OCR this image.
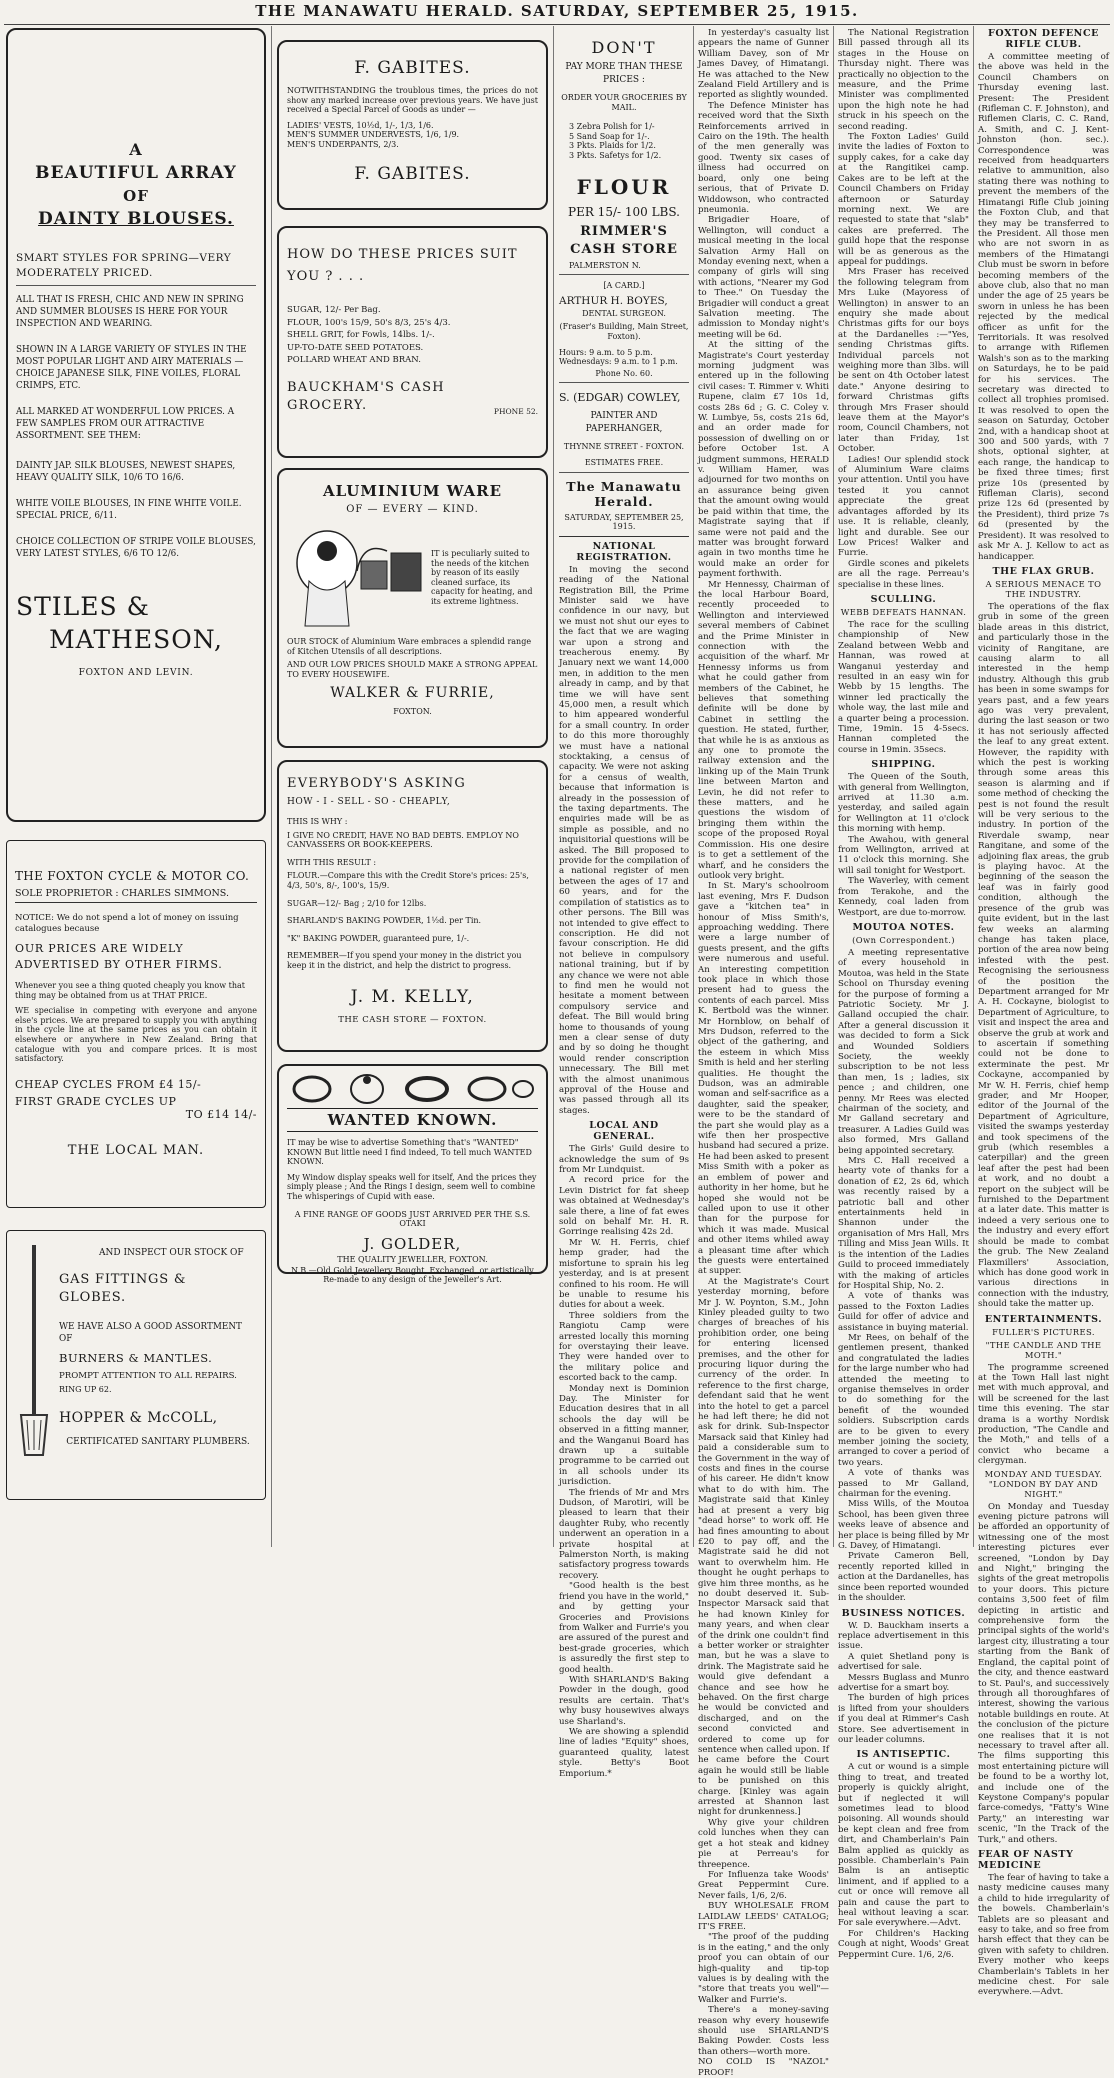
THE MANAWATU HERALD. SATURDAY, SEPTEMBER 25, 1915.
A
BEAUTIFUL ARRAY
OF
DAINTY BLOUSES.
SMART STYLES FOR SPRING—VERY MODERATELY PRICED.
ALL THAT IS FRESH, CHIC AND NEW IN SPRING AND SUMMER BLOUSES IS HERE FOR YOUR INSPECTION AND WEARING.
SHOWN IN A LARGE VARIETY OF STYLES IN THE MOST POPULAR LIGHT AND AIRY MATERIALS — CHOICE JAPANESE SILK, FINE VOILES, FLORAL CRIMPS, ETC.
ALL MARKED AT WONDERFUL LOW PRICES. A FEW SAMPLES FROM OUR ATTRACTIVE ASSORTMENT. SEE THEM:
DAINTY JAP. SILK BLOUSES, NEWEST SHAPES, HEAVY QUALITY SILK, 10/6 TO 16/6.
WHITE VOILE BLOUSES, IN FINE WHITE VOILE. SPECIAL PRICE, 6/11.
CHOICE COLLECTION OF STRIPE VOILE BLOUSES, VERY LATEST STYLES, 6/6 TO 12/6.
STILES &
MATHESON,
FOXTON AND LEVIN.
THE FOXTON CYCLE & MOTOR CO.
SOLE PROPRIETOR : CHARLES SIMMONS.
NOTICE: We do not spend a lot of money on issuing catalogues because
OUR PRICES ARE WIDELY ADVERTISED BY OTHER FIRMS.
Whenever you see a thing quoted cheaply you know that thing may be obtained from us at THAT PRICE.
WE specialise in competing with everyone and anyone else's prices. We are prepared to supply you with anything in the cycle line at the same prices as you can obtain it elsewhere or anywhere in New Zealand. Bring that catalogue with you and compare prices. It is most satisfactory.
CHEAP CYCLES FROM £4 15/-
FIRST GRADE CYCLES UP
TO £14 14/-
THE LOCAL MAN.
AND INSPECT OUR STOCK OF
GAS FITTINGS & GLOBES.
WE HAVE ALSO A GOOD ASSORTMENT OF
BURNERS & MANTLES.
PROMPT ATTENTION TO ALL REPAIRS.
RING UP 62.
HOPPER & McCOLL,
CERTIFICATED SANITARY PLUMBERS.
F. GABITES.
NOTWITHSTANDING the troublous times, the prices do not show any marked increase over previous years. We have just received a Special Parcel of Goods as under —
LADIES' VESTS, 10½d, 1/-, 1/3, 1/6.
MEN'S SUMMER UNDERVESTS, 1/6, 1/9.
MEN'S UNDERPANTS, 2/3.
F. GABITES.
HOW DO THESE PRICES SUIT YOU ? . . .
SUGAR, 12/- Per Bag.
FLOUR, 100's 15/9, 50's 8/3, 25's 4/3.
SHELL GRIT, for Fowls, 14lbs. 1/-.
UP-TO-DATE SEED POTATOES.
POLLARD WHEAT AND BRAN.
BAUCKHAM'S CASH GROCERY.	PHONE 52.
ALUMINIUM WARE
OF — EVERY — KIND.
IT is peculiarly suited to the needs of the kitchen by reason of its easily cleaned surface, its capacity for heating, and its extreme lightness.
OUR STOCK of Aluminium Ware embraces a splendid range of Kitchen Utensils of all descriptions.
AND OUR LOW PRICES SHOULD MAKE A STRONG APPEAL TO EVERY HOUSEWIFE.
WALKER & FURRIE,
FOXTON.
EVERYBODY'S ASKING
HOW - I - SELL - SO - CHEAPLY,
THIS IS WHY :
I GIVE NO CREDIT, HAVE NO BAD DEBTS. EMPLOY NO CANVASSERS OR BOOK-KEEPERS.
WITH THIS RESULT :
FLOUR.—Compare this with the Credit Store's prices: 25's, 4/3, 50's, 8/-, 100's, 15/9.
SUGAR—12/- Bag ; 2/10 for 12lbs.
SHARLAND'S BAKING POWDER, 1½d. per Tin.
"K" BAKING POWDER, guaranteed pure, 1/-.
REMEMBER—If you spend your money in the district you keep it in the district, and help the district to progress.
J. M. KELLY,
THE CASH STORE — FOXTON.
WANTED KNOWN.
IT may be wise to advertise Something that's "WANTED" KNOWN But little need I find indeed, To tell much WANTED KNOWN.
My Window display speaks well for itself, And the prices they simply please ; And the Rings I design, seem well to combine The whisperings of Cupid with ease.
A FINE RANGE OF GOODS JUST ARRIVED PER THE S.S. OTAKI
J. GOLDER,
THE QUALITY JEWELLER, FOXTON.
N.B.—Old Gold Jewellery Bought, Exchanged, or artistically Re-made to any design of the Jeweller's Art.
DON'T
PAY MORE THAN THESE PRICES :
ORDER YOUR GROCERIES BY MAIL.
3 Zebra Polish for 1/-
5 Sand Soap for 1/-.
3 Pkts. Plaids for 1/2.
3 Pkts. Safetys for 1/2.
FLOUR
PER 15/- 100 LBS.
RIMMER'S CASH STORE
PALMERSTON N.
[A CARD.]
ARTHUR H. BOYES,
DENTAL SURGEON.
(Fraser's Building, Main Street, Foxton).
Hours: 9 a.m. to 5 p.m. Wednesdays: 9 a.m. to 1 p.m.
Phone No. 60.
S. (EDGAR) COWLEY,
PAINTER AND PAPERHANGER,
THYNNE STREET - FOXTON.
ESTIMATES FREE.
The Manawatu Herald.
SATURDAY, SEPTEMBER 25, 1915.
NATIONAL REGISTRATION.
In moving the second reading of the National Registration Bill, the Prime Minister said we have confidence in our navy, but we must not shut our eyes to the fact that we are waging war upon a strong and treacherous enemy. By January next we want 14,000 men, in addition to the men already in camp, and by that time we will have sent 45,000 men, a result which to him appeared wonderful for a small country. In order to do this more thoroughly we must have a national stocktaking, a census of capacity. We were not asking for a census of wealth, because that information is already in the possession of the taxing departments. The enquiries made will be as simple as possible, and no inquisitorial questions will be asked. The Bill proposed to provide for the compilation of a national register of men between the ages of 17 and 60 years, and for the compilation of statistics as to other persons. The Bill was not intended to give effect to conscription. He did not favour conscription. He did not believe in compulsory national training, but if by any chance we were not able to find men he would not hesitate a moment between compulsory service and defeat. The Bill would bring home to thousands of young men a clear sense of duty and by so doing he thought would render conscription unnecessary. The Bill met with the almost unanimous approval of the House and was passed through all its stages.
LOCAL AND GENERAL.
The Girls' Guild desire to acknowledge the sum of 9s from Mr Lundquist.
A record price for the Levin District for fat sheep was obtained at Wednesday's sale there, a line of fat ewes sold on behalf Mr. H. R. Gorringe realising 42s 2d.
Mr W. H. Ferris, chief hemp grader, had the misfortune to sprain his leg yesterday, and is at present confined to his room. He will be unable to resume his duties for about a week.
Three soldiers from the Rangiotu Camp were arrested locally this morning for overstaying their leave. They were handed over to the military police and escorted back to the camp.
Monday next is Dominion Day. The Minister for Education desires that in all schools the day will be observed in a fitting manner, and the Wanganui Board has drawn up a suitable programme to be carried out in all schools under its jurisdiction.
The friends of Mr and Mrs Dudson, of Marotiri, will be pleased to learn that their daughter Ruby, who recently underwent an operation in a private hospital at Palmerston North, is making satisfactory progress towards recovery.
"Good health is the best friend you have in the world," and by getting your Groceries and Provisions from Walker and Furrie's you are assured of the purest and best-grade groceries, which is assuredly the first step to good health.
With SHARLAND'S Baking Powder in the dough, good results are certain. That's why busy housewives always use Sharland's.
We are showing a splendid line of ladies "Equity" shoes, guaranteed quality, latest style. Betty's Boot Emporium.*
In yesterday's casualty list appears the name of Gunner William Davey, son of Mr James Davey, of Himatangi. He was attached to the New Zealand Field Artillery and is reported as slightly wounded.
The Defence Minister has received word that the Sixth Reinforcements arrived in Cairo on the 19th. The health of the men generally was good. Twenty six cases of illness had occurred on board, only one being serious, that of Private D. Widdowson, who contracted pneumonia.
Brigadier Hoare, of Wellington, will conduct a musical meeting in the local Salvation Army Hall on Monday evening next, when a company of girls will sing with actions, "Nearer my God to Thee." On Tuesday the Brigadier will conduct a great Salvation meeting. The admission to Monday night's meeting will be 6d.
At the sitting of the Magistrate's Court yesterday morning judgment was entered up in the following civil cases: T. Rimmer v. Whiti Rupene, claim £7 10s 1d, costs 28s 6d ; G. C. Coley v. W. Lumbye, 5s, costs 21s 6d, and an order made for possession of dwelling on or before October 1st. A judgment summons, HERALD v. William Hamer, was adjourned for two months on an assurance being given that the amount owing would be paid within that time, the Magistrate saying that if same were not paid and the matter was brought forward again in two months time he would make an order for payment forthwith.
Mr Hennessy, Chairman of the local Harbour Board, recently proceeded to Wellington and interviewed several members of Cabinet and the Prime Minister in connection with the acquisition of the wharf. Mr Hennessy informs us from what he could gather from members of the Cabinet, he believes that something definite will be done by Cabinet in settling the question. He stated, further, that while he is as anxious as any one to promote the railway extension and the linking up of the Main Trunk line between Marton and Levin, he did not refer to these matters, and he questions the wisdom of bringing them within the scope of the proposed Royal Commission. His one desire is to get a settlement of the wharf, and he considers the outlook very bright.
In St. Mary's schoolroom last evening, Mrs F. Dudson gave a "kitchen tea" in honour of Miss Smith's, approaching wedding. There were a large number of guests present, and the gifts were numerous and useful. An interesting competition took place in which those present had to guess the contents of each parcel. Miss K. Bertbold was the winner. Mr Hornblow, on behalf of Mrs Dudson, referred to the object of the gathering, and the esteem in which Miss Smith is held and her sterling qualities. He thought the Dudson, was an admirable woman and self-sacrifice as a daughter, said the speaker, were to be the standard of the part she would play as a wife then her prospective husband had secured a prize. He had been asked to present Miss Smith with a poker as an emblem of power and authority in her home, but he hoped she would not be called upon to use it other than for the purpose for which it was made. Musical and other items whiled away a pleasant time after which the guests were entertained at supper.
At the Magistrate's Court yesterday morning, before Mr J. W. Poynton, S.M., John Kinley pleaded guilty to two charges of breaches of his prohibition order, one being for entering licensed premises, and the other for procuring liquor during the currency of the order. In reference to the first charge, defendant said that he went into the hotel to get a parcel he had left there; he did not ask for drink. Sub-Inspector Marsack said that Kinley had paid a considerable sum to the Government in the way of costs and fines in the course of his career. He didn't know what to do with him. The Magistrate said that Kinley had at present a very big "dead horse" to work off. He had fines amounting to about £20 to pay off, and the Magistrate said he did not want to overwhelm him. He thought he ought perhaps to give him three months, as he no doubt deserved it. Sub-Inspector Marsack said that he had known Kinley for many years, and when clear of the drink one couldn't find a better worker or straighter man, but he was a slave to drink. The Magistrate said he would give defendant a chance and see how he behaved. On the first charge he would be convicted and discharged, and on the second convicted and ordered to come up for sentence when called upon. If he came before the Court again he would still be liable to be punished on this charge. [Kinley was again arrested at Shannon last night for drunkenness.]
Why give your children cold lunches when they can get a hot steak and kidney pie at Perreau's for threepence.
For Influenza take Woods' Great Peppermint Cure. Never fails, 1/6, 2/6.
BUY WHOLESALE FROM LAIDLAW LEEDS' CATALOG; IT'S FREE.
"The proof of the pudding is in the eating," and the only proof you can obtain of our high-quality and tip-top values is by dealing with the "store that treats you well"—Walker and Furrie's.
There's a money-saving reason why every housewife should use SHARLAND'S Baking Powder. Costs less than others—worth more.
NO COLD IS "NAZOL" PROOF!
The National Registration Bill passed through all its stages in the House on Thursday night. There was practically no objection to the measure, and the Prime Minister was complimented upon the high note he had struck in his speech on the second reading.
The Foxton Ladies' Guild invite the ladies of Foxton to supply cakes, for a cake day at the Rangitikei camp. Cakes are to be left at the Council Chambers on Friday afternoon or Saturday morning next. We are requested to state that "slab" cakes are preferred. The guild hope that the response will be as generous as the appeal for puddings.
Mrs Fraser has received the following telegram from Mrs Luke (Mayoress of Wellington) in answer to an enquiry she made about Christmas gifts for our boys at the Dardanelles :—"Yes, sending Christmas gifts. Individual parcels not weighing more than 3lbs. will be sent on 4th October latest date." Anyone desiring to forward Christmas gifts through Mrs Fraser should leave them at the Mayor's room, Council Chambers, not later than Friday, 1st October.
Ladies! Our splendid stock of Aluminium Ware claims your attention. Until you have tested it you cannot appreciate the great advantages afforded by its use. It is reliable, cleanly, light and durable. See our Low Prices! Walker and Furrie.
Girdle scones and pikelets are all the rage. Perreau's specialise in these lines.
SCULLING.
WEBB DEFEATS HANNAN.
The race for the sculling championship of New Zealand between Webb and Hannan, was rowed at Wanganui yesterday and resulted in an easy win for Webb by 15 lengths. The winner led practically the whole way, the last mile and a quarter being a procession. Time, 19min. 15 4-5secs. Hannan completed the course in 19min. 35secs.
SHIPPING.
The Queen of the South, with general from Wellington, arrived at 11.30 a.m. yesterday, and sailed again for Wellington at 11 o'clock this morning with hemp.
The Awahou, with general from Wellington, arrived at 11 o'clock this morning. She will sail tonight for Westport.
The Waverley, with cement from Terakohe, and the Kennedy, coal laden from Westport, are due to-morrow.
MOUTOA NOTES.
(Own Correspondent.)
A meeting representative of every household in Moutoa, was held in the State School on Thursday evening for the purpose of forming a Patriotic Society. Mr J. Galland occupied the chair. After a general discussion it was decided to form a Sick and Wounded Soldiers Society, the weekly subscription to be not less than men, 1s ; ladies, six pence ; and children, one penny. Mr Rees was elected chairman of the society, and Mr Galland secretary and treasurer. A Ladies Guild was also formed, Mrs Galland being appointed secretary.
Mrs C. Hall received a hearty vote of thanks for a donation of £2, 2s 6d, which was recently raised by a patriotic ball and other entertainments held in Shannon under the organisation of Mrs Hall, Mrs Tilling and Miss Jean Wills. It is the intention of the Ladies Guild to proceed immediately with the making of articles for Hospital Ship, No. 2.
A vote of thanks was passed to the Foxton Ladies Guild for offer of advice and assistance in buying material.
Mr Rees, on behalf of the gentlemen present, thanked and congratulated the ladies for the large number who had attended the meeting to organise themselves in order to do something for the benefit of the wounded soldiers. Subscription cards are to be given to every member joining the society, arranged to cover a period of two years.
A vote of thanks was passed to Mr Galland, chairman for the evening.
Miss Wills, of the Moutoa School, has been given three weeks leave of absence and her place is being filled by Mr G. Davey, of Himatangi.
Private Cameron Bell, recently reported killed in action at the Dardanelles, has since been reported wounded in the shoulder.
BUSINESS NOTICES.
W. D. Bauckham inserts a replace advertisement in this issue.
A quiet Shetland pony is advertised for sale.
Messrs Buglass and Munro advertise for a smart boy.
The burden of high prices is lifted from your shoulders if you deal at Rimmer's Cash Store. See advertisement in our leader columns.
IS ANTISEPTIC.
A cut or wound is a simple thing to treat, and treated properly is quickly alright, but if neglected it will sometimes lead to blood poisoning. All wounds should be kept clean and free from dirt, and Chamberlain's Pain Balm applied as quickly as possible. Chamberlain's Pain Balm is an antiseptic liniment, and if applied to a cut or once will remove all pain and cause the part to heal without leaving a scar. For sale everywhere.—Advt.
For Children's Hacking Cough at night, Woods' Great Peppermint Cure. 1/6, 2/6.
FOXTON DEFENCE RIFLE CLUB.
A committee meeting of the above was held in the Council Chambers on Thursday evening last. Present: The President (Rifleman C. F. Johnston), and Riflemen Claris, C. C. Rand, A. Smith, and C. J. Kent-Johnston (hon. sec.). Correspondence was received from headquarters relative to ammunition, also stating there was nothing to prevent the members of the Himatangi Rifle Club joining the Foxton Club, and that they may be transferred to the President. All those men who are not sworn in as members of the Himatangi Club must be sworn in before becoming members of the above club, also that no man under the age of 25 years be sworn in unless he has been rejected by the medical officer as unfit for the Territorials. It was resolved to arrange with Riflemen Walsh's son as to the marking on Saturdays, he to be paid for his services. The secretary was directed to collect all trophies promised. It was resolved to open the season on Saturday, October 2nd, with a handicap shoot at 300 and 500 yards, with 7 shots, optional sighter, at each range, the handicap to be fixed three times; first prize 10s (presented by Rifleman Claris), second prize 12s 6d (presented by the President), third prize 7s 6d (presented by the President). It was resolved to ask Mr A. J. Kellow to act as handicapper.
THE FLAX GRUB.
A SERIOUS MENACE TO THE INDUSTRY.
The operations of the flax grub in some of the green blade areas in this district, and particularly those in the vicinity of Rangitane, are causing alarm to all interested in the hemp industry. Although this grub has been in some swamps for years past, and a few years ago was very prevalent, during the last season or two it has not seriously affected the leaf to any great extent. However, the rapidity with which the pest is working through some areas this season is alarming and if some method of checking the pest is not found the result will be very serious to the industry. In portion of the Riverdale swamp, near Rangitane, and some of the adjoining flax areas, the grub is playing havoc. At the beginning of the season the leaf was in fairly good condition, although the presence of the grub was quite evident, but in the last few weeks an alarming change has taken place, portion of the area now being infested with the pest. Recognising the seriousness of the position the Department arranged for Mr A. H. Cockayne, biologist to Department of Agriculture, to visit and inspect the area and observe the grub at work and to ascertain if something could not be done to exterminate the pest. Mr Cockayne, accompanied by Mr W. H. Ferris, chief hemp grader, and Mr Hooper, editor of the Journal of the Department of Agriculture, visited the swamps yesterday and took specimens of the grub (which resembles a caterpillar) and the green leaf after the pest had been at work, and no doubt a report on the subject will be furnished to the Department at a later date. This matter is indeed a very serious one to the industry and every effort should be made to combat the grub. The New Zealand Flaxmillers' Association, which has done good work in various directions in connection with the industry, should take the matter up.
ENTERTAINMENTS.
FULLER'S PICTURES.
"THE CANDLE AND THE MOTH."
The programme screened at the Town Hall last night met with much approval, and will be screened for the last time this evening. The star drama is a worthy Nordisk production, "The Candle and the Moth," and tells of a convict who became a clergyman.
MONDAY AND TUESDAY. "LONDON BY DAY AND NIGHT."
On Monday and Tuesday evening picture patrons will be afforded an opportunity of witnessing one of the most interesting pictures ever screened, "London by Day and Night," bringing the sights of the great metropolis to your doors. This picture contains 3,500 feet of film depicting in artistic and comprehensive form the principal sights of the world's largest city, illustrating a tour starting from the Bank of England, the capital point of the city, and thence eastward to St. Paul's, and successively through all thoroughfares of interest, showing the various notable buildings en route. At the conclusion of the picture one realises that it is not necessary to travel after all. The films supporting this most entertaining picture will be found to be a worthy lot, and include one of the Keystone Company's popular farce-comedys, "Fatty's Wine Party," an interesting war scenic, "In the Track of the Turk," and others.
FEAR OF NASTY MEDICINE
The fear of having to take a nasty medicine causes many a child to hide irregularity of the bowels. Chamberlain's Tablets are so pleasant and easy to take, and so free from harsh effect that they can be given with safety to children. Every mother who keeps Chamberlain's Tablets in her medicine chest. For sale everywhere.—Advt.
